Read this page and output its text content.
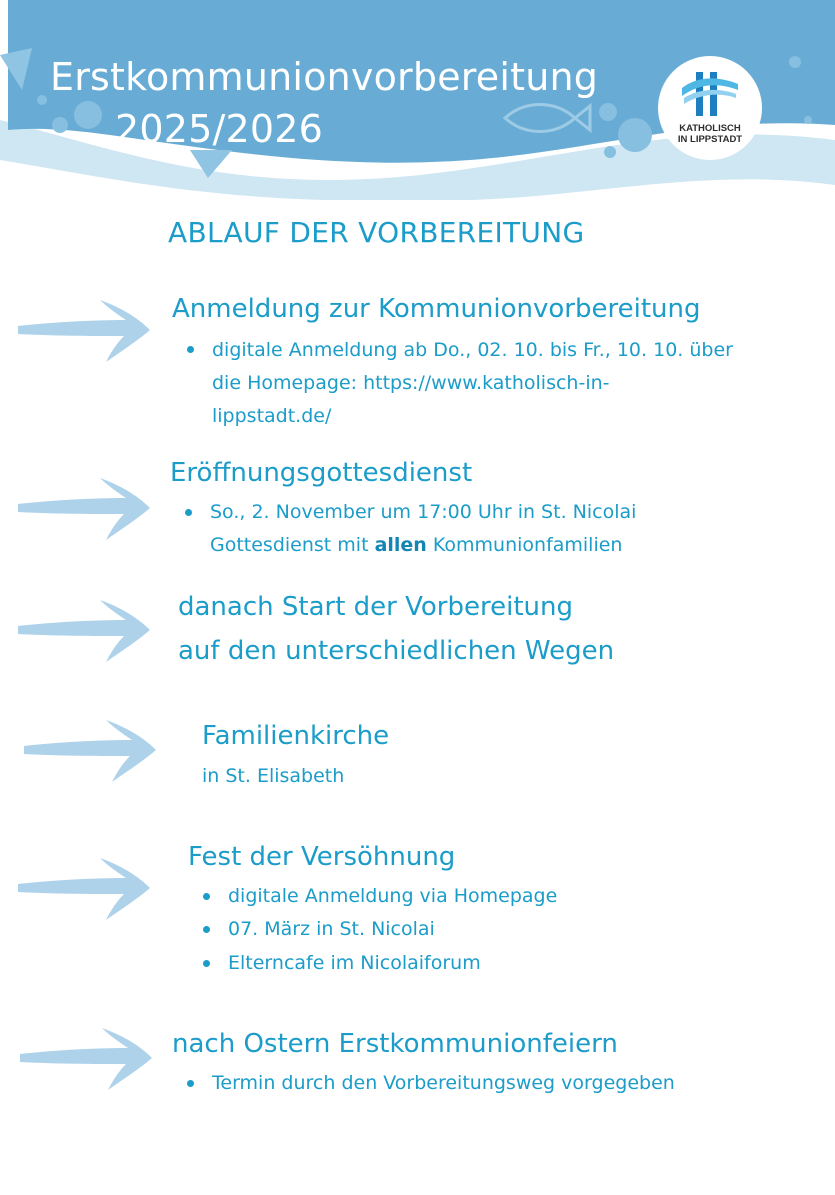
Erstkommunionvorbereitung
2025/2026	KATHOLISCH
IN LIPPSTADT
ABLAUF DER VORBEREITUNG
Anmeldung zur Kommunionvorbereitung
digitale Anmeldung ab Do., 02. 10. bis Fr., 10. 10. über
die Homepage: https://www.katholisch-in-
lippstadt.de/
Eröffnungsgottesdienst
So., 2. November um 17:00 Uhr in St. Nicolai
Gottesdienst mit allen Kommunionfamilien
danach Start der Vorbereitung
auf den unterschiedlichen Wegen
Familienkirche
in St. Elisabeth
Fest der Versöhnung
digitale Anmeldung via Homepage
07. März in St. Nicolai
Elterncafe im Nicolaiforum
nach Ostern Erstkommunionfeiern
Termin durch den Vorbereitungsweg vorgegeben
